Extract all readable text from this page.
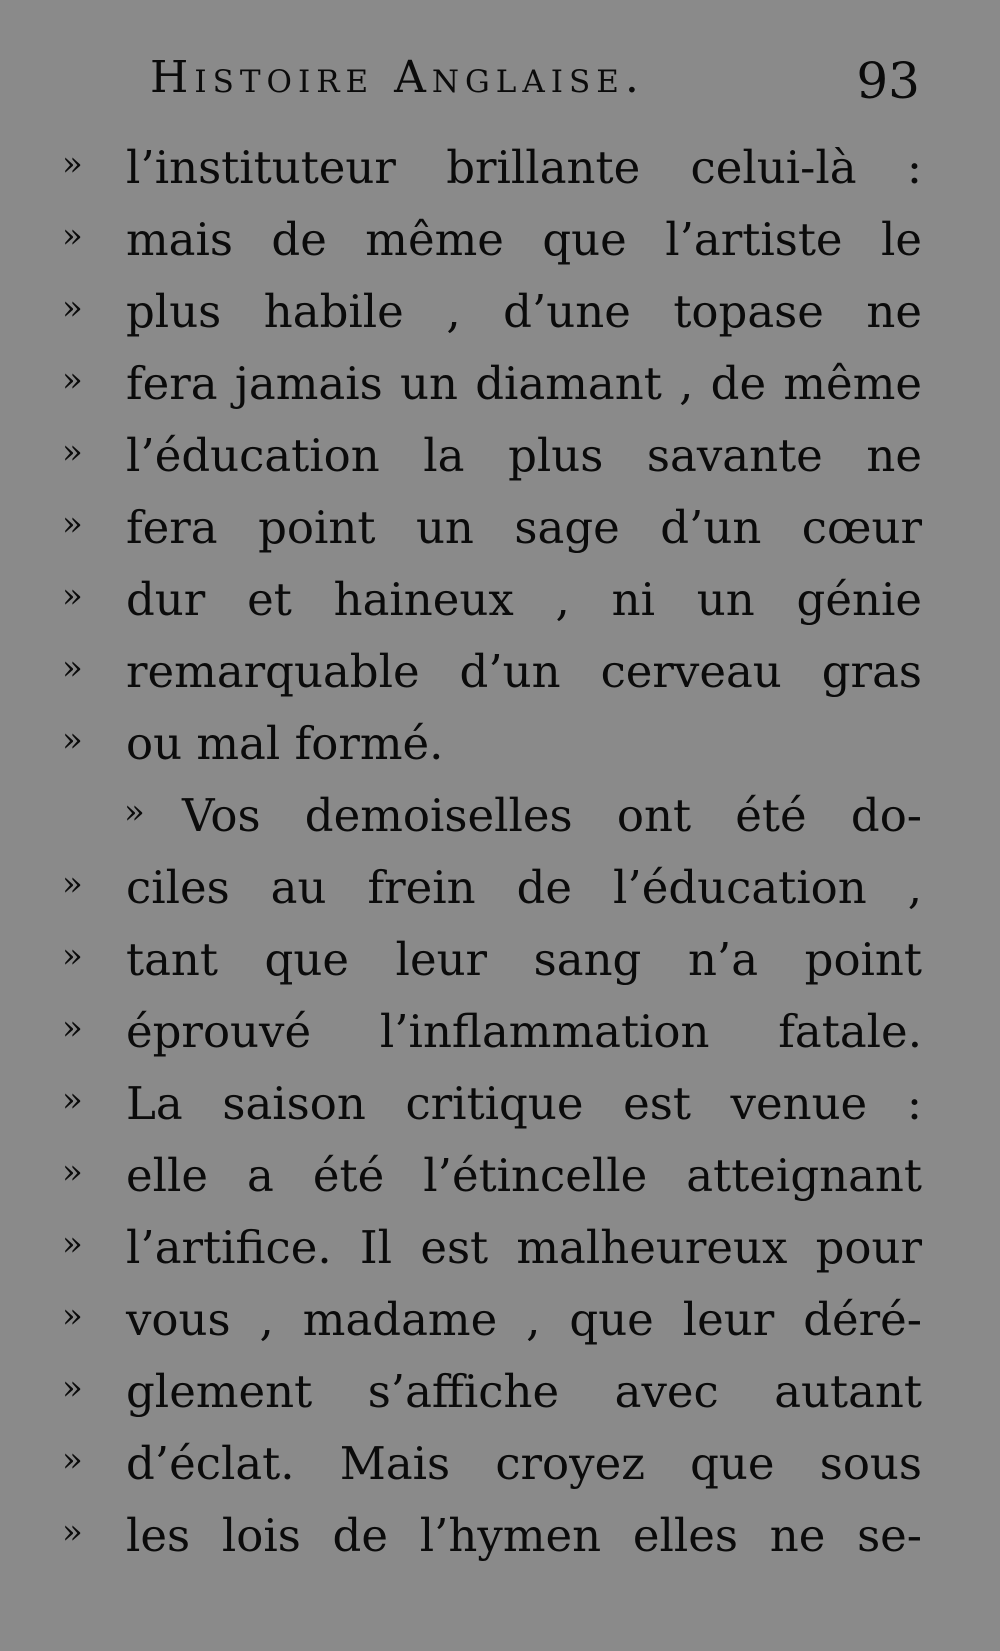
Histoire Anglaise.	93
» l’instituteur brillante celui-là :
» mais de même que l’artiste le
» plus habile , d’une topase ne
» fera jamais un diamant , de même
» l’éducation la plus savante ne
» fera point un sage d’un cœur
» dur et haineux , ni un génie
» remarquable d’un cerveau gras
» ou mal formé.
» Vos demoiselles ont été do-
» ciles au frein de l’éducation ,
» tant que leur sang n’a point
» éprouvé l’inflammation fatale.
» La saison critique est venue :
» elle a été l’étincelle atteignant
» l’artifice. Il est malheureux pour
» vous , madame , que leur déré-
» glement s’affiche avec autant
» d’éclat. Mais croyez que sous
» les lois de l’hymen elles ne se-
